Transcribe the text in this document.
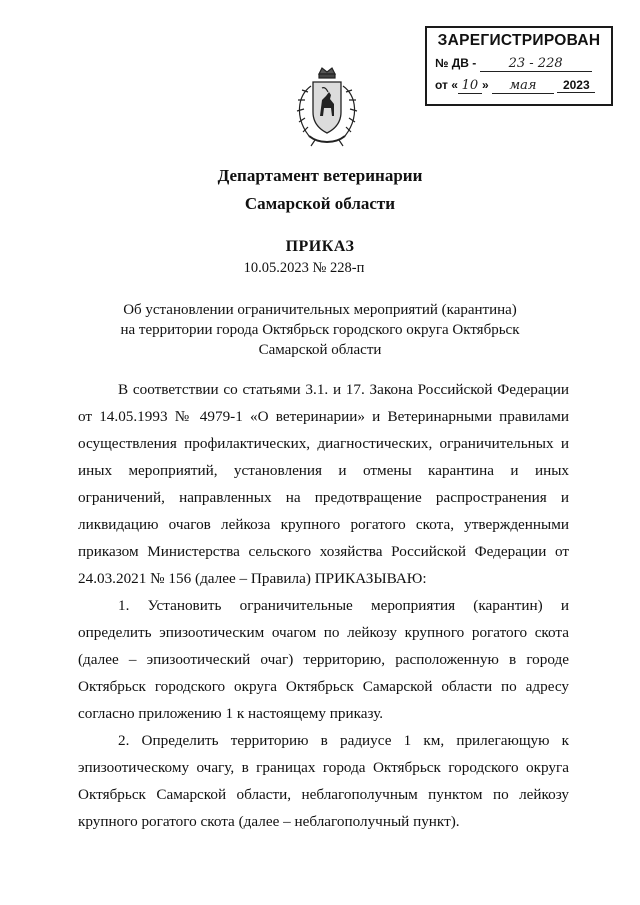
ЗАРЕГИСТРИРОВАН
№ ДВ - 23 - 228
от « 10 » мая 2023
Департамент ветеринарии
Самарской области
ПРИКАЗ
10.05.2023 № 228-п
Об установлении ограничительных мероприятий (карантина)
на территории города Октябрьск городского округа Октябрьск
Самарской области

В соответствии со статьями 3.1. и 17. Закона Российской Федерации от 14.05.1993 № 4979-1 «О ветеринарии» и Ветеринарными правилами осуществления профилактических, диагностических, ограничительных и иных мероприятий, установления и отмены карантина и иных ограничений, направленных на предотвращение распространения и ликвидацию очагов лейкоза крупного рогатого скота, утвержденными приказом Министерства сельского хозяйства Российской Федерации от 24.03.2021 № 156 (далее – Правила) ПРИКАЗЫВАЮ:

1. Установить ограничительные мероприятия (карантин) и определить эпизоотическим очагом по лейкозу крупного рогатого скота (далее – эпизоотический очаг) территорию, расположенную в городе Октябрьск городского округа Октябрьск Самарской области по адресу согласно приложению 1 к настоящему приказу.

2. Определить территорию в радиусе 1 км, прилегающую к эпизоотическому очагу, в границах города Октябрьск городского округа Октябрьск Самарской области, неблагополучным пунктом по лейкозу крупного рогатого скота (далее – неблагополучный пункт).
